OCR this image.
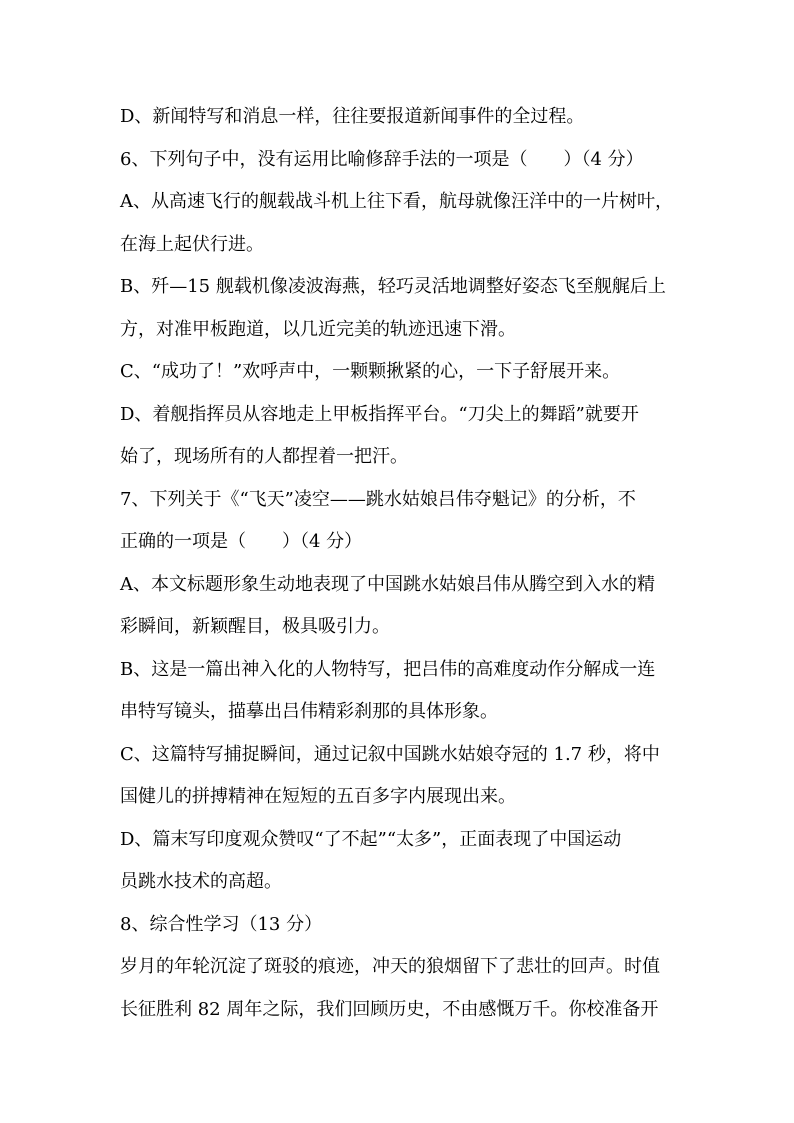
D、新闻特写和消息一样，往往要报道新闻事件的全过程。
6、下列句子中，没有运用比喻修辞手法的一项是（　　）（4 分）
A、从高速飞行的舰载战斗机上往下看，航母就像汪洋中的一片树叶，
在海上起伏行进。
B、歼—15 舰载机像凌波海燕，轻巧灵活地调整好姿态飞至舰艉后上
方，对准甲板跑道，以几近完美的轨迹迅速下滑。
C、“成功了！”欢呼声中，一颗颗揪紧的心，一下子舒展开来。
D、着舰指挥员从容地走上甲板指挥平台。“刀尖上的舞蹈”就要开
始了，现场所有的人都捏着一把汗。
7、下列关于《“飞天”凌空——跳水姑娘吕伟夺魁记》的分析，不
正确的一项是（　　）（4 分）
A、本文标题形象生动地表现了中国跳水姑娘吕伟从腾空到入水的精
彩瞬间，新颖醒目，极具吸引力。
B、这是一篇出神入化的人物特写，把吕伟的高难度动作分解成一连
串特写镜头，描摹出吕伟精彩刹那的具体形象。
C、这篇特写捕捉瞬间，通过记叙中国跳水姑娘夺冠的 1.7 秒，将中
国健儿的拼搏精神在短短的五百多字内展现出来。
D、篇末写印度观众赞叹“了不起”“太多”，正面表现了中国运动
员跳水技术的高超。
8、综合性学习（13 分）
岁月的年轮沉淀了斑驳的痕迹，冲天的狼烟留下了悲壮的回声。时值
长征胜利 82 周年之际，我们回顾历史，不由感慨万千。你校准备开
